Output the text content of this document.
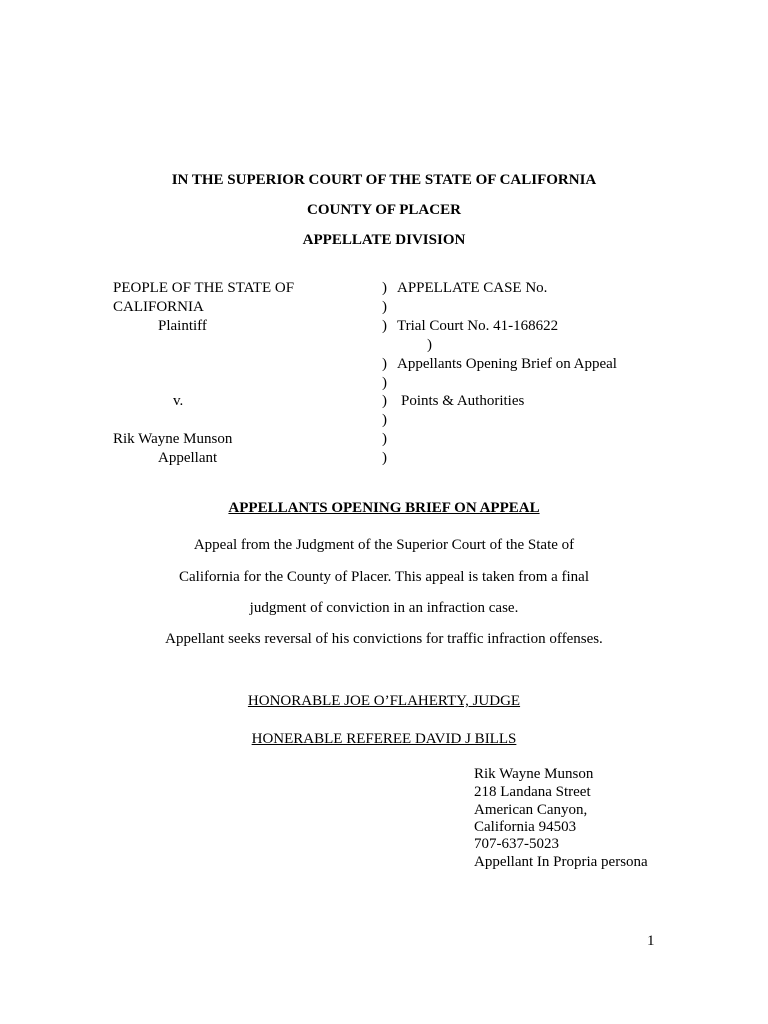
IN THE SUPERIOR COURT OF THE STATE OF CALIFORNIA
COUNTY OF PLACER
APPELLATE DIVISION
PEOPLE OF THE STATE OF
CALIFORNIA
Plaintiff
v.
Rik Wayne Munson
Appellant
)
)
)
)
)
)
)
)
)
)
APPELLATE CASE No.
Trial Court No. 41-168622
Appellants Opening Brief on Appeal
Points & Authorities
APPELLANTS OPENING BRIEF ON APPEAL
Appeal from the Judgment of the Superior Court of the State of
California for the County of Placer. This appeal is taken from a final
judgment of conviction in an infraction case.
Appellant seeks reversal of his convictions for traffic infraction offenses.
HONORABLE JOE O’FLAHERTY, JUDGE
HONERABLE REFEREE DAVID J BILLS
Rik Wayne Munson
218 Landana Street
American Canyon,
California 94503
707-637-5023
Appellant In Propria persona
1
